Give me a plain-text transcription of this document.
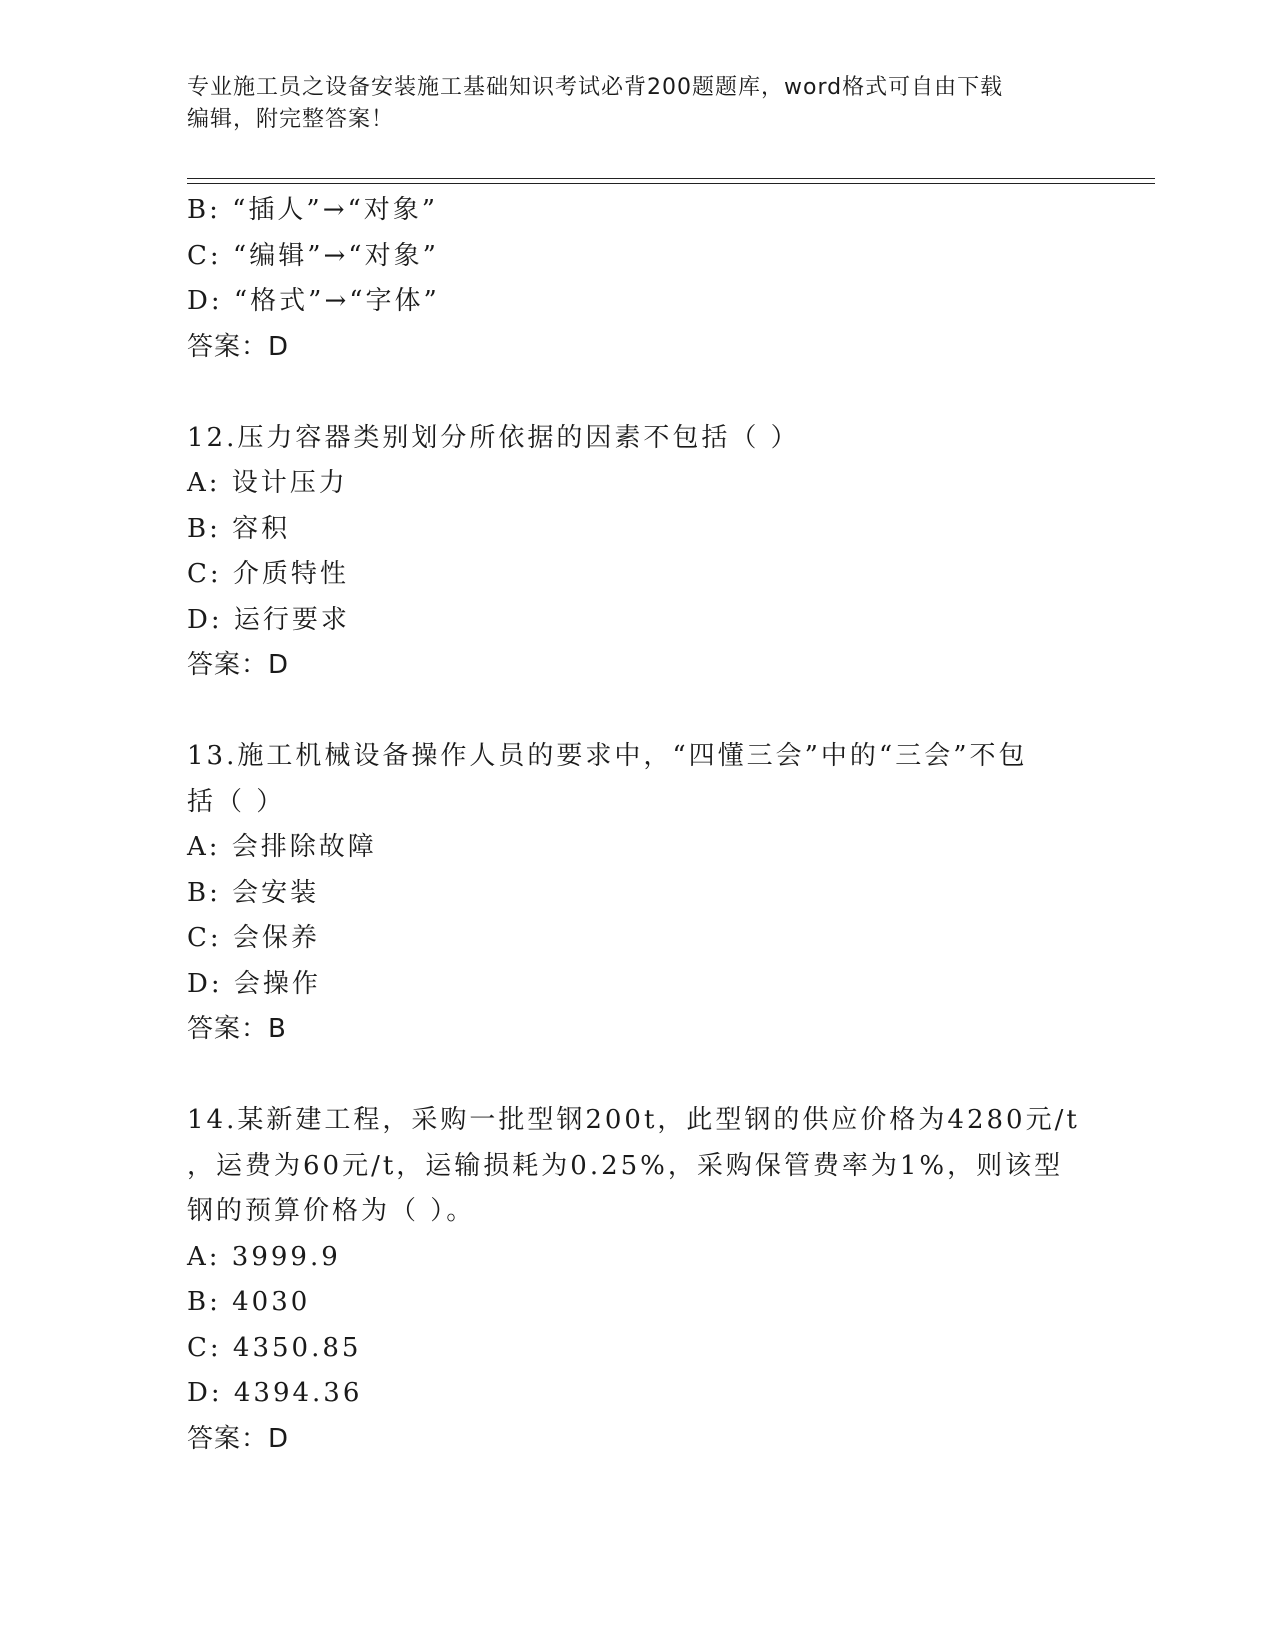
专业施工员之设备安装施工基础知识考试必背200题题库，word格式可自由下载
编辑，附完整答案！
B: “插人”→“对象”
C: “编辑”→“对象”
D: “格式”→“字体”
答案：D
12.压力容器类别划分所依据的因素不包括（ ）
A: 设计压力
B: 容积
C: 介质特性
D: 运行要求
答案：D
13.施工机械设备操作人员的要求中，“四懂三会”中的“三会”不包
括（ ）
A: 会排除故障
B: 会安装
C: 会保养
D: 会操作
答案：B
14.某新建工程，采购一批型钢200t，此型钢的供应价格为4280元/t
，运费为60元/t，运输损耗为0.25%，采购保管费率为1%，则该型
钢的预算价格为（ ）。
A: 3999.9
B: 4030
C: 4350.85
D: 4394.36
答案：D
